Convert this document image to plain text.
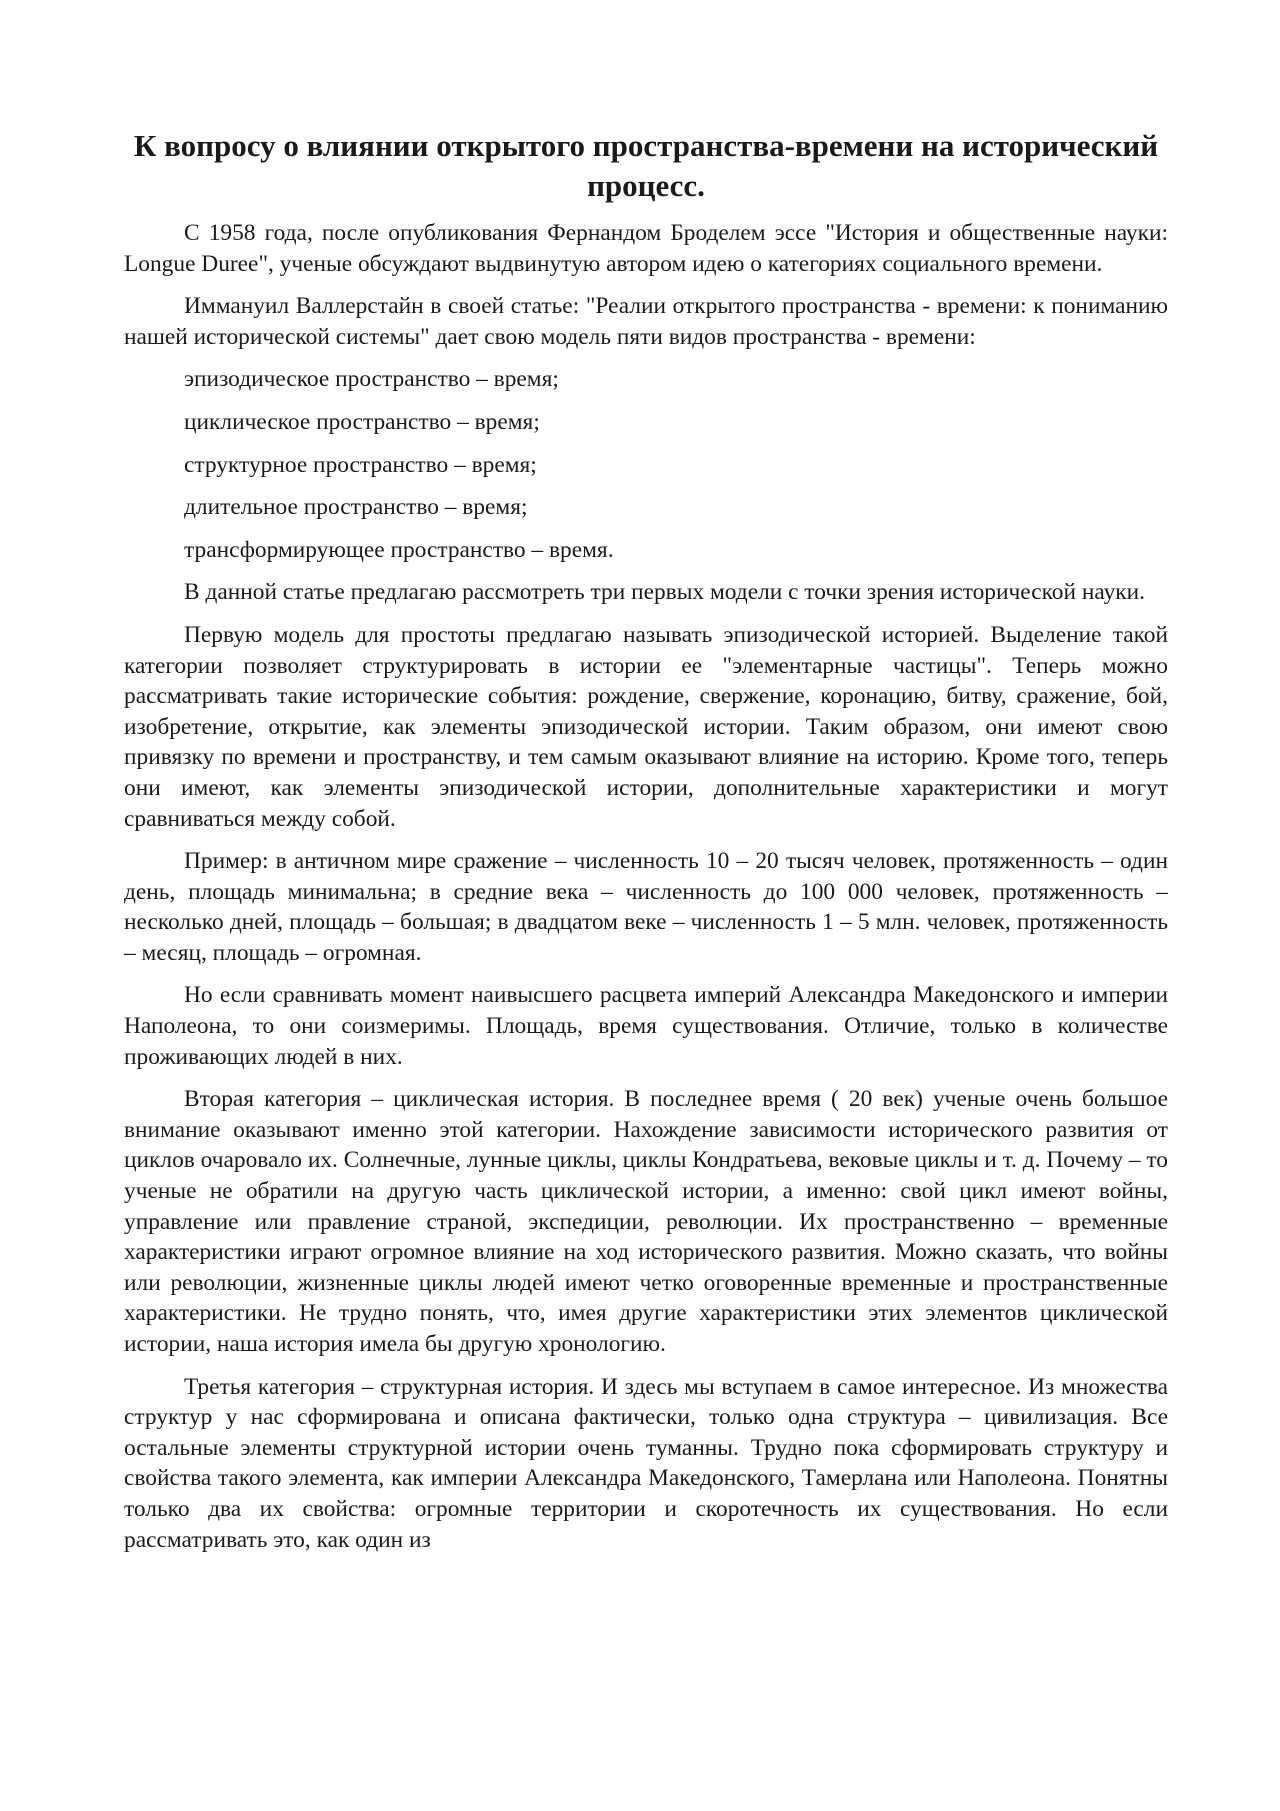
К вопросу о влиянии открытого пространства-времени на исторический процесс.

С 1958 года, после опубликования Фернандом Броделем эссе "История и общественные науки: Longue Duree", ученые обсуждают выдвинутую автором идею о категориях социального времени.

Иммануил Валлерстайн в своей статье: "Реалии открытого пространства - времени: к пониманию нашей исторической системы" дает свою модель пяти видов пространства - времени:

эпизодическое пространство – время;
циклическое пространство – время;
структурное пространство – время;
длительное пространство – время;
трансформирующее пространство – время.

В данной статье предлагаю рассмотреть три первых модели с точки зрения исторической науки.

Первую модель для простоты предлагаю называть эпизодической историей. Выделение такой категории позволяет структурировать в истории ее "элементарные частицы". Теперь можно рассматривать такие исторические события: рождение, свержение, коронацию, битву, сражение, бой, изобретение, открытие, как элементы эпизодической истории. Таким образом, они имеют свою привязку по времени и пространству, и тем самым оказывают влияние на историю. Кроме того, теперь они имеют, как элементы эпизодической истории, дополнительные характеристики и могут сравниваться между собой.

Пример: в античном мире сражение – численность 10 – 20 тысяч человек, протяженность – один день, площадь минимальна; в средние века – численность до 100 000 человек, протяженность – несколько дней, площадь – большая; в двадцатом веке – численность 1 – 5 млн. человек, протяженность – месяц, площадь – огромная.

Но если сравнивать момент наивысшего расцвета империй Александра Македонского и империи Наполеона, то они соизмеримы. Площадь, время существования. Отличие, только в количестве проживающих людей в них.

Вторая категория – циклическая история. В последнее время ( 20 век) ученые очень большое внимание оказывают именно этой категории. Нахождение зависимости исторического развития от циклов очаровало их. Солнечные, лунные циклы, циклы Кондратьева, вековые циклы и т. д. Почему – то ученые не обратили на другую часть циклической истории, а именно: свой цикл имеют войны, управление или правление страной, экспедиции, революции. Их пространственно – временные характеристики играют огромное влияние на ход исторического развития. Можно сказать, что войны или революции, жизненные циклы людей имеют четко оговоренные временные и пространственные характеристики. Не трудно понять, что, имея другие характеристики этих элементов циклической истории, наша история имела бы другую хронологию.

Третья категория – структурная история. И здесь мы вступаем в самое интересное. Из множества структур у нас сформирована и описана фактически, только одна структура – цивилизация. Все остальные элементы структурной истории очень туманны. Трудно пока сформировать структуру и свойства такого элемента, как империи Александра Македонского, Тамерлана или Наполеона. Понятны только два их свойства: огромные территории и скоротечность их существования. Но если рассматривать это, как один из
